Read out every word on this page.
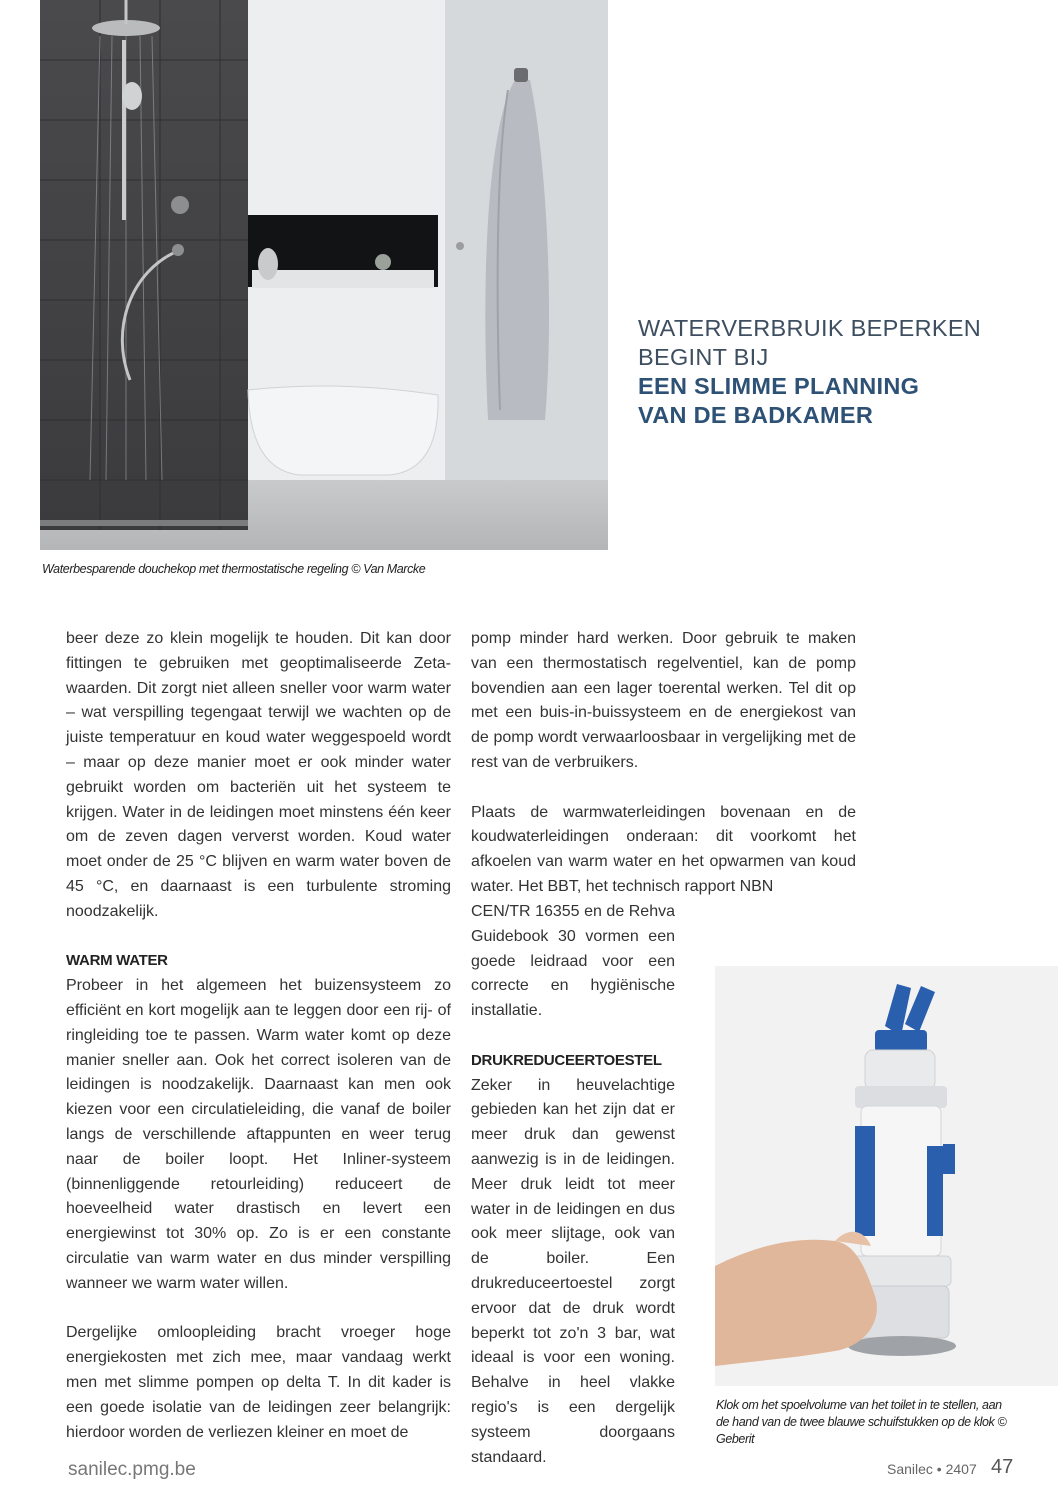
WATERVERBRUIK BEPERKEN
BEGINT BIJ
EEN SLIMME PLANNING
VAN DE BADKAMER
Waterbesparende douchekop met thermostatische regeling © Van Marcke

beer deze zo klein mogelijk te houden. Dit kan door fittingen te gebruiken met geoptimaliseerde Zeta-waarden. Dit zorgt niet alleen sneller voor warm water – wat verspilling tegengaat terwijl we wachten op de juiste temperatuur en koud water weggespoeld wordt – maar op deze manier moet er ook minder water gebruikt worden om bacteriën uit het systeem te krijgen. Water in de leidingen moet minstens één keer om de zeven dagen ververst worden. Koud water moet onder de 25 °C blijven en warm water boven de 45 °C, en daarnaast is een turbulente stroming noodzakelijk.

WARM WATER

Probeer in het algemeen het buizensysteem zo efficiënt en kort mogelijk aan te leggen door een rij- of ringleiding toe te passen. Warm water komt op deze manier sneller aan. Ook het correct isoleren van de leidingen is noodzakelijk. Daarnaast kan men ook kiezen voor een circulatieleiding, die vanaf de boiler langs de verschillende aftappunten en weer terug naar de boiler loopt. Het Inliner-systeem (binnenliggende retourleiding) reduceert de hoeveelheid water drastisch en levert een energiewinst tot 30% op. Zo is er een constante circulatie van warm water en dus minder verspilling wanneer we warm water willen.

Dergelijke omloopleiding bracht vroeger hoge energiekosten met zich mee, maar vandaag werkt men met slimme pompen op delta T. In dit kader is een goede isolatie van de leidingen zeer belangrijk: hierdoor worden de verliezen kleiner en moet de

pomp minder hard werken. Door gebruik te maken van een thermostatisch regelventiel, kan de pomp bovendien aan een lager toerental werken. Tel dit op met een buis-in-buissysteem en de energiekost van de pomp wordt verwaarloosbaar in vergelijking met de rest van de verbruikers.

Plaats de warmwaterleidingen bovenaan en de koudwaterleidingen onderaan: dit voorkomt het afkoelen van warm water en het opwarmen van koud water. Het BBT, het technisch rapport NBN

CEN/TR 16355 en de Rehva Guidebook 30 vormen een goede leidraad voor een correcte en hygiënische installatie.

DRUKREDUCEERTOESTEL

Zeker in heuvelachtige gebieden kan het zijn dat er meer druk dan gewenst aanwezig is in de leidingen. Meer druk leidt tot meer water in de leidingen en dus ook meer slijtage, ook van de boiler. Een drukreduceertoestel zorgt ervoor dat de druk wordt beperkt tot zo'n 3 bar, wat ideaal is voor een woning. Behalve in heel vlakke regio's is een dergelijk systeem doorgaans standaard.

Klok om het spoelvolume van het toilet in te stellen, aan de hand van de twee blauwe schuifstukken op de klok © Geberit
sanilec.pmg.be	Sanilec • 2407 47
